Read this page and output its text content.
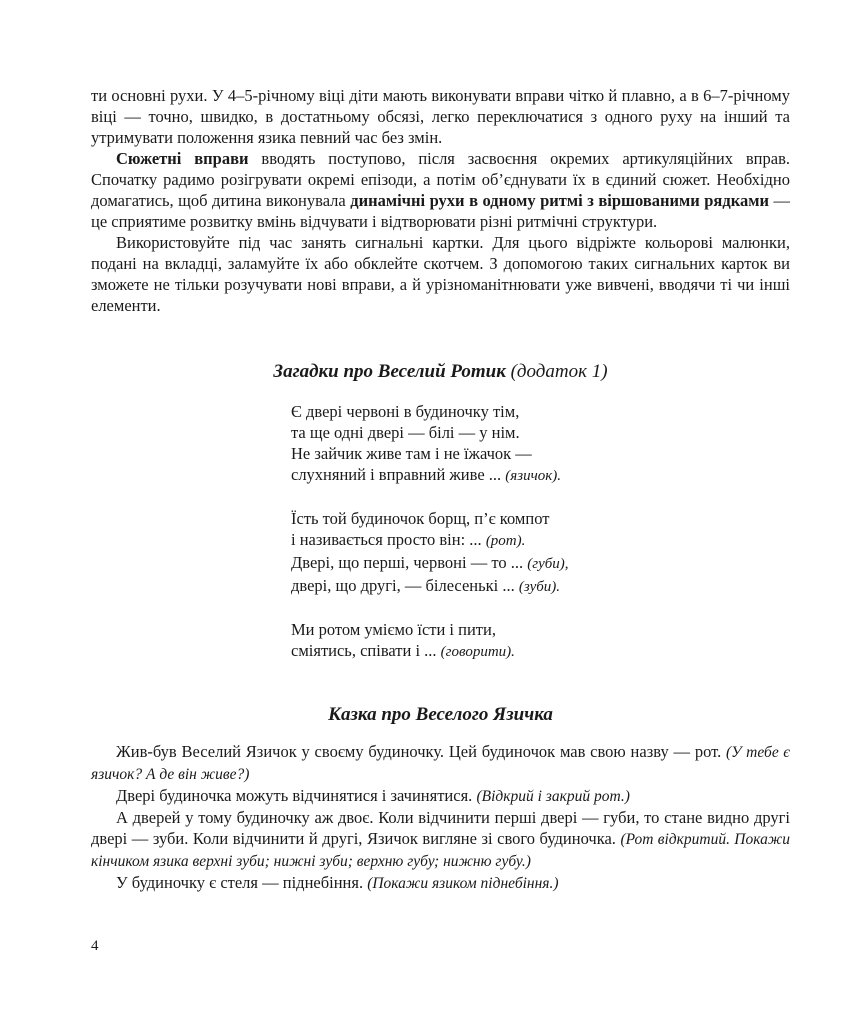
ти основні рухи. У 4–5-річному віці діти мають виконувати вправи чітко й плавно, а в 6–7-річному віці — точно, швидко, в достатньому обсязі, легко переключатися з одного руху на інший та утримувати положення язика певний час без змін.

Сюжетні вправи вводять поступово, після засвоєння окремих артикуляційних вправ. Спочатку радимо розігрувати окремі епізоди, а потім об’єднувати їх в єдиний сюжет. Необхідно домагатись, щоб дитина виконувала динамічні рухи в одному ритмі з віршованими рядками — це сприятиме розвитку вмінь відчувати і відтворювати різні ритмічні структури.

Використовуйте під час занять сигнальні картки. Для цього відріжте кольорові малюнки, подані на вкладці, заламуйте їх або обклейте скотчем. З допомогою таких сигнальних карток ви зможете не тільки розучувати нові вправи, а й урізноманітнювати уже вивчені, вводячи ті чи інші елементи.

Загадки про Веселий Ротик (додаток 1)
Є двері червоні в будиночку тім,
та ще одні двері — білі — у нім.
Не зайчик живе там і не їжачок —
слухняний і вправний живе ... (язичок).
Їсть той будиночок борщ, п’є компот
і називається просто він: ... (рот).
Двері, що перші, червоні — то ... (губи),
двері, що другі, — білесенькі ... (зуби).
Ми ротом уміємо їсти і пити,
сміятись, співати і ... (говорити).
Казка про Веселого Язичка

Жив-був Веселий Язичок у своєму будиночку. Цей будиночок мав свою назву — рот. (У тебе є язичок? А де він живе?)

Двері будиночка можуть відчинятися і зачинятися. (Відкрий і закрий рот.)

А дверей у тому будиночку аж двоє. Коли відчинити перші двері — губи, то стане видно другі двері — зуби. Коли відчинити й другі, Язичок вигляне зі свого будиночка. (Рот відкритий. Покажи кінчиком язика верхні зуби; нижні зуби; верхню губу; нижню губу.)

У будиночку є стеля — піднебіння. (Покажи язиком піднебіння.)

4
